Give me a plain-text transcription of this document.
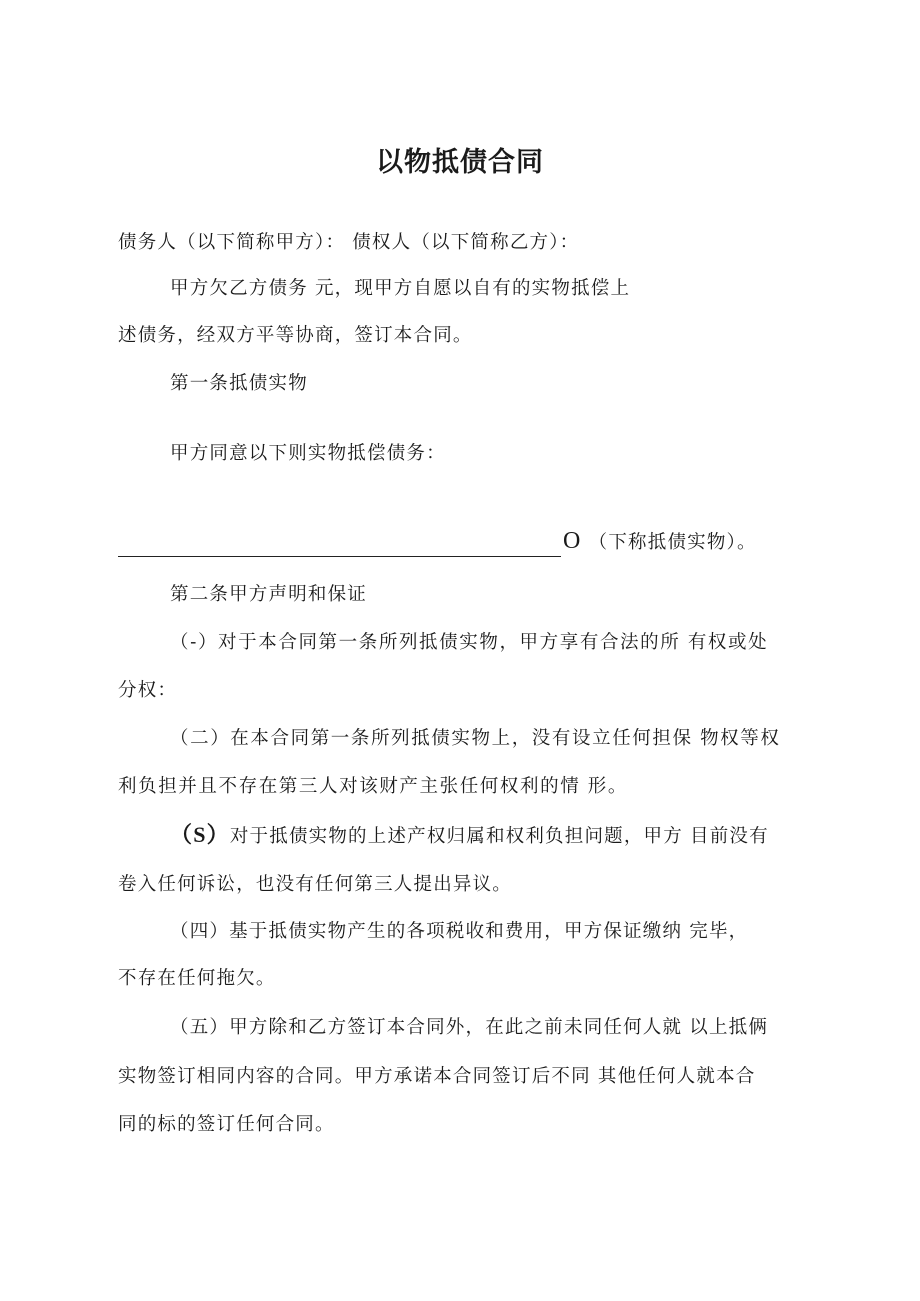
以物抵债合同
债务人（以下简称甲方）： 债权人（以下简称乙方）：
甲方欠乙方债务 元，现甲方自愿以自有的实物抵偿上
述债务，经双方平等协商，签订本合同。
第一条抵债实物
甲方同意以下则实物抵偿债务：
O （下称抵债实物）。
第二条甲方声明和保证
（-）对于本合同第一条所列抵债实物，甲方享有合法的所 有权或处
分权：
（二）在本合同第一条所列抵债实物上，没有设立任何担保 物权等权
利负担并且不存在第三人对该财产主张任何权利的情 形。
（S）对于抵债实物的上述产权归属和权利负担问题，甲方 目前没有
卷入任何诉讼，也没有任何第三人提出异议。
（四）基于抵债实物产生的各项税收和费用，甲方保证缴纳 完毕，
不存在任何拖欠。
（五）甲方除和乙方签订本合同外，在此之前未同任何人就 以上抵俩
实物签订相同内容的合同。甲方承诺本合同签订后不同 其他任何人就本合
同的标的签订任何合同。
